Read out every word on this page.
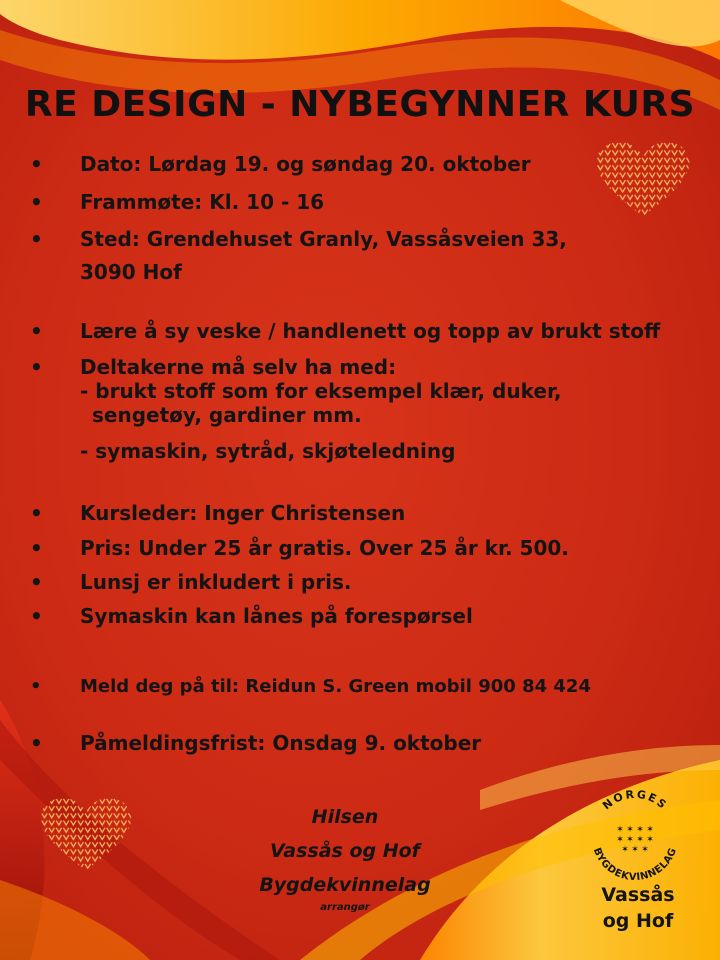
RE DESIGN - NYBEGYNNER KURS
•	Dato: Lørdag 19. og søndag 20. oktober
•	Frammøte: Kl. 10 - 16
•	Sted: Grendehuset Granly, Vassåsveien 33,
3090 Hof
•	Lære å sy veske / handlenett og topp av brukt stoff
•	Deltakerne må selv ha med:
•	Kursleder: Inger Christensen
•	Pris: Under 25 år gratis. Over 25 år kr. 500.
•	Lunsj er inkludert i pris.
•	Symaskin kan lånes på forespørsel
•	Meld deg på til: Reidun S. Green mobil 900 84 424
•	Påmeldingsfrist: Onsdag 9. oktober
- brukt stoff som for eksempel klær, duker,
sengetøy, gardiner mm.
- symaskin, sytråd, skjøteledning
Hilsen
Vassås og Hof
Bygdekvinnelag
arrangør
NORGES
BYGDEKVINNELAG
✶ ✶ ✶ ✶
✶ ✶ ✶ ✶
✶ ✶ ✶
Vassås
og Hof
